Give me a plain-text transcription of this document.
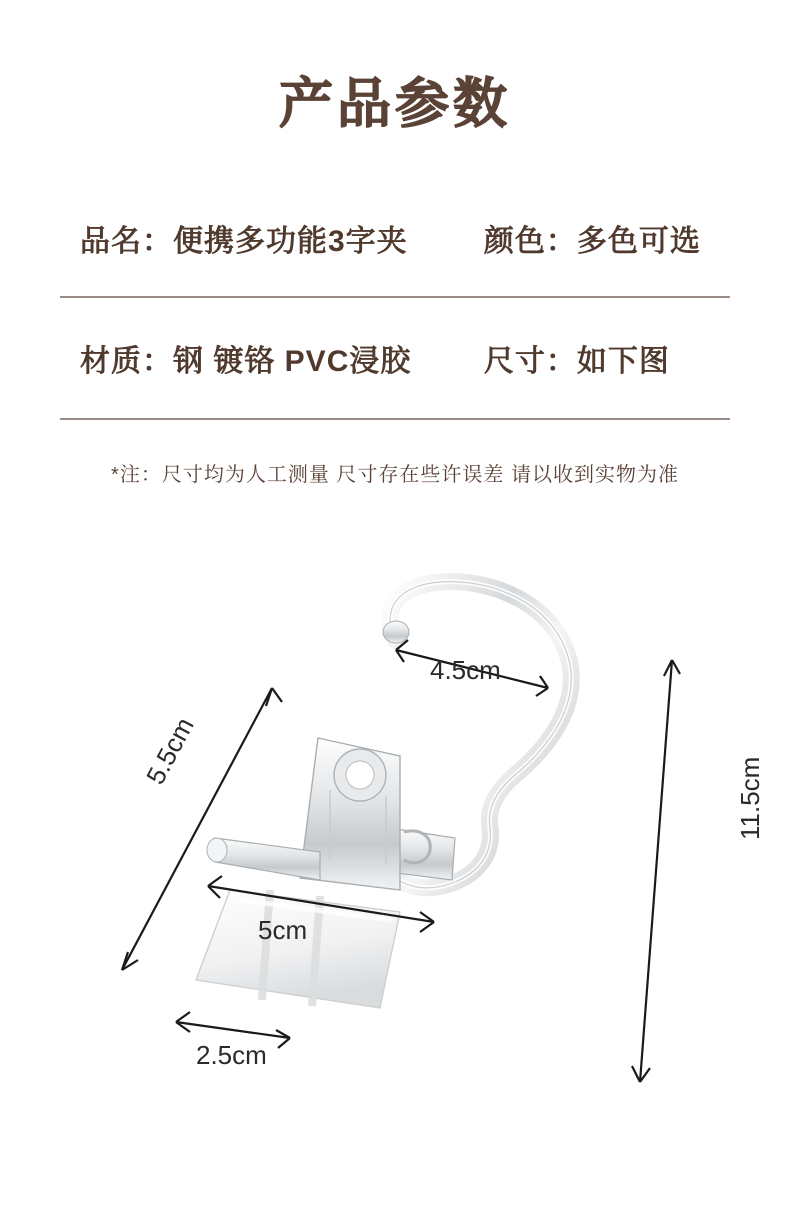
产品参数
品名： 便携多功能3字夹	颜色： 多色可选
材质： 钢 镀铬 PVC浸胶 尺寸： 如下图
*注：尺寸均为人工测量 尺寸存在些许误差 请以收到实物为准
4.5cm
5.5cm
11.5cm
5cm
2.5cm
